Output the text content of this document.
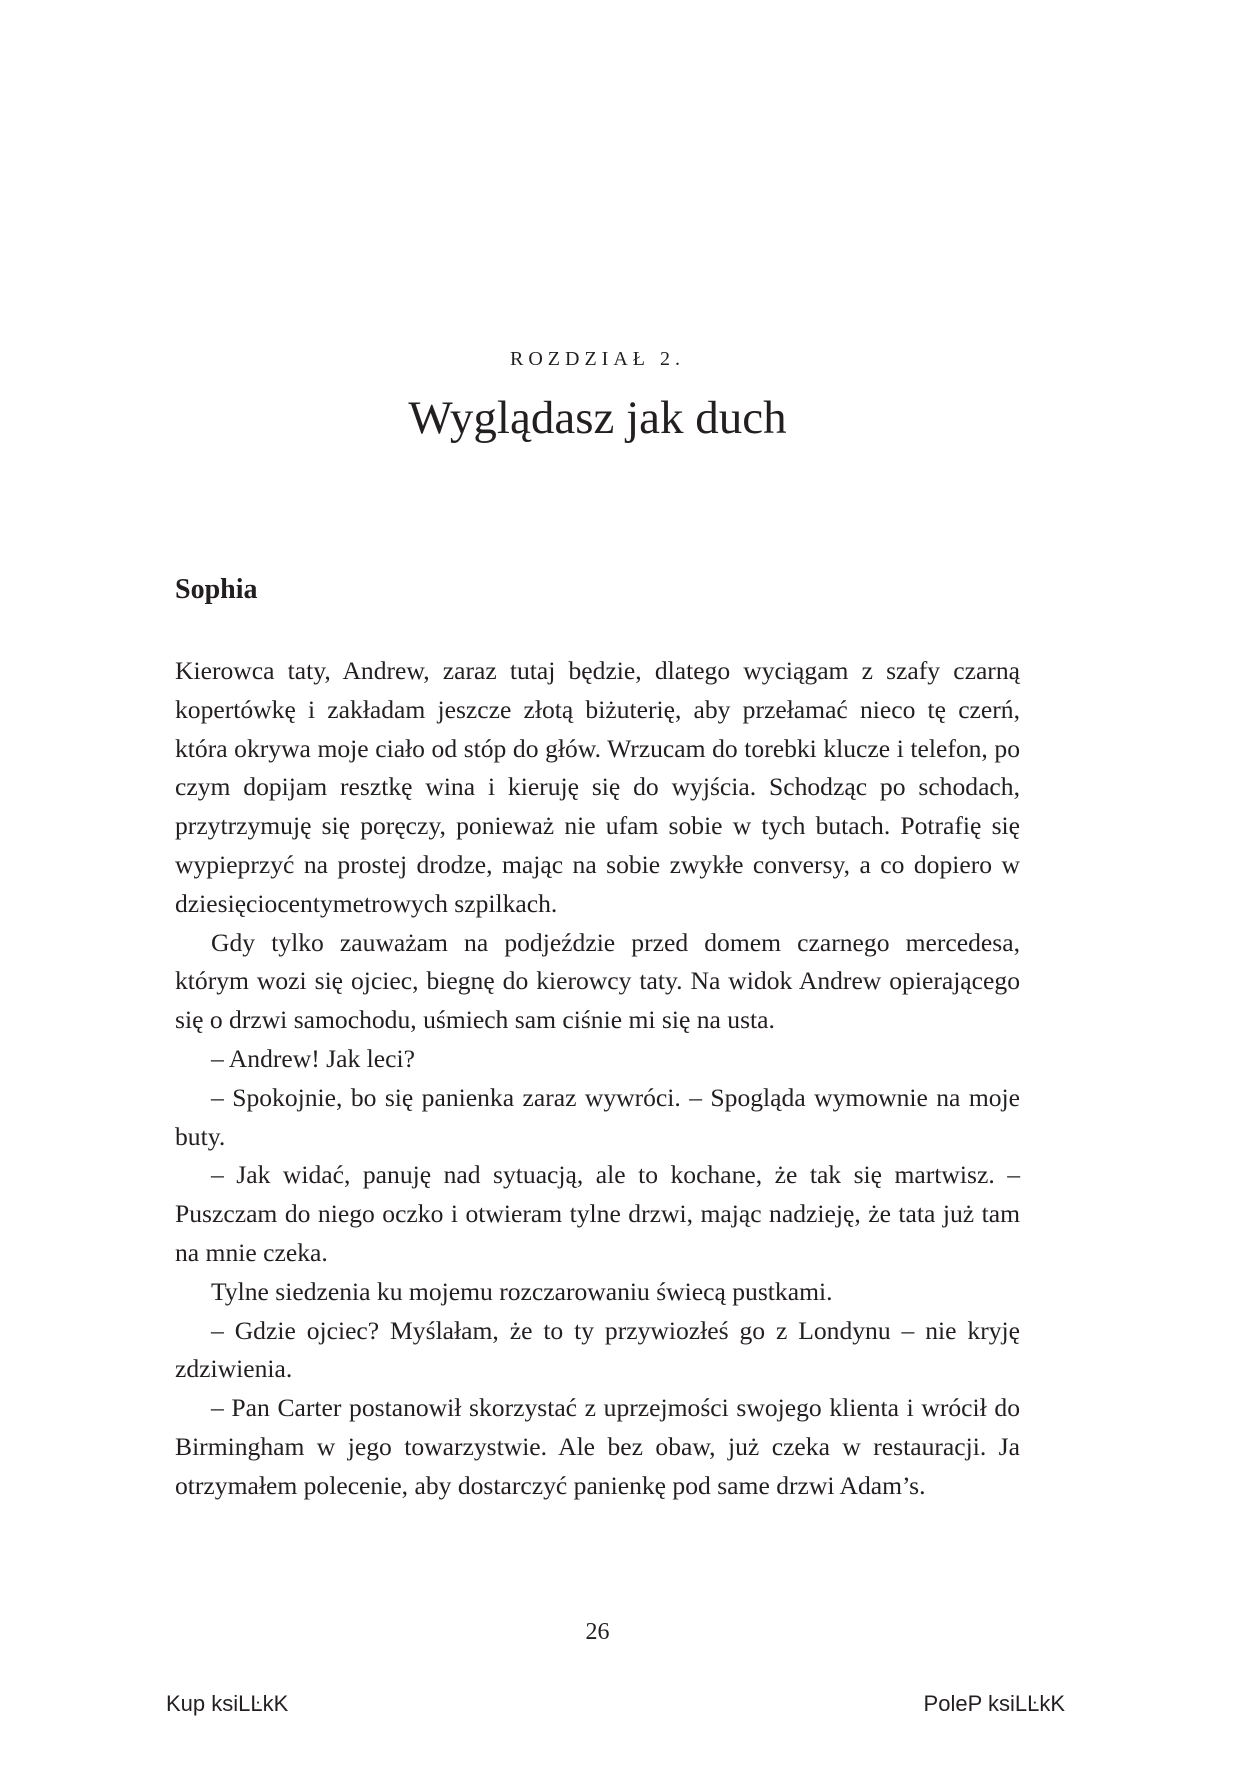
ROZDZIAŁ 2.
Wyglądasz jak duch
Sophia

Kierowca taty, Andrew, zaraz tutaj będzie, dlatego wyciągam z szafy czarną kopertówkę i zakładam jeszcze złotą biżuterię, aby przełamać nieco tę czerń, która okrywa moje ciało od stóp do głów. Wrzucam do torebki klucze i telefon, po czym dopijam resztkę wina i kieruję się do wyjścia. Schodząc po schodach, przytrzymuję się poręczy, ponieważ nie ufam sobie w tych butach. Potrafię się wypieprzyć na prostej drodze, mając na sobie zwykłe conversy, a co dopiero w dziesięciocentymetrowych szpilkach.

Gdy tylko zauważam na podjeździe przed domem czarnego mercedesa, którym wozi się ojciec, biegnę do kierowcy taty. Na widok Andrew opierającego się o drzwi samochodu, uśmiech sam ciśnie mi się na usta.

– Andrew! Jak leci?

– Spokojnie, bo się panienka zaraz wywróci. – Spogląda wymownie na moje buty.

– Jak widać, panuję nad sytuacją, ale to kochane, że tak się martwisz. – Puszczam do niego oczko i otwieram tylne drzwi, mając nadzieję, że tata już tam na mnie czeka.

Tylne siedzenia ku mojemu rozczarowaniu świecą pustkami.

– Gdzie ojciec? Myślałam, że to ty przywiozłeś go z Londynu – nie kryję zdziwienia.

– Pan Carter postanowił skorzystać z uprzejmości swojego klienta i wrócił do Birmingham w jego towarzystwie. Ale bez obaw, już czeka w restauracji. Ja otrzymałem polecenie, aby dostarczyć panienkę pod same drzwi Adam’s.

26
Kup ksiLĿkK	PoleP ksiLĿkK
